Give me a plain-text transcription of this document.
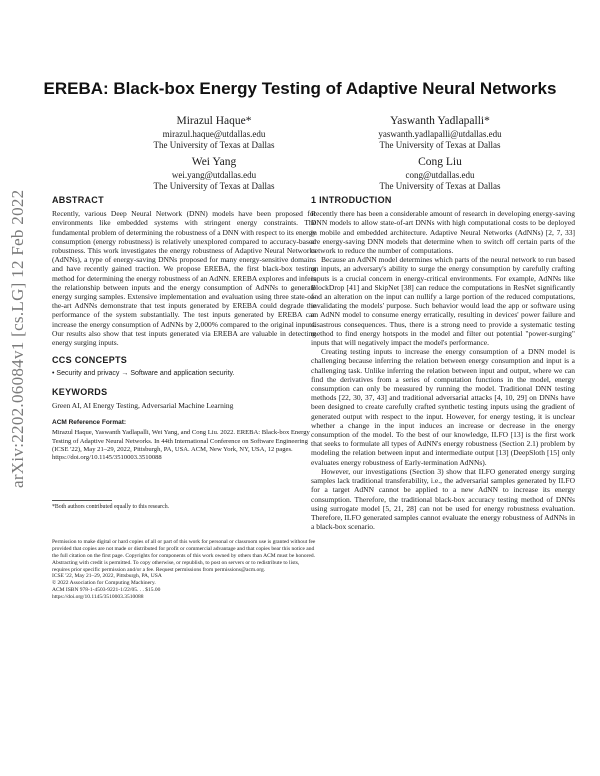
arXiv:2202.06084v1 [cs.LG] 12 Feb 2022
EREBA: Black-box Energy Testing of Adaptive Neural Networks
Mirazul Haque*
mirazul.haque@utdallas.edu
The University of Texas at Dallas
Yaswanth Yadlapalli*
yaswanth.yadlapalli@utdallas.edu
The University of Texas at Dallas
Wei Yang
wei.yang@utdallas.edu
The University of Texas at Dallas
Cong Liu
cong@utdallas.edu
The University of Texas at Dallas
ABSTRACT

Recently, various Deep Neural Network (DNN) models have been proposed for environments like embedded systems with stringent energy constraints. The fundamental problem of determining the robustness of a DNN with respect to its energy consumption (energy robustness) is relatively unexplored compared to accuracy-based robustness. This work investigates the energy robustness of Adaptive Neural Networks (AdNNs), a type of energy-saving DNNs proposed for many energy-sensitive domains and have recently gained traction. We propose EREBA, the first black-box testing method for determining the energy robustness of an AdNN. EREBA explores and infers the relationship between inputs and the energy consumption of AdNNs to generate energy surging samples. Extensive implementation and evaluation using three state-of-the-art AdNNs demonstrate that test inputs generated by EREBA could degrade the performance of the system substantially. The test inputs generated by EREBA can increase the energy consumption of AdNNs by 2,000% compared to the original inputs. Our results also show that test inputs generated via EREBA are valuable in detecting energy surging inputs.

CCS CONCEPTS

• Security and privacy → Software and application security.

KEYWORDS

Green AI, AI Energy Testing, Adversarial Machine Learning

ACM Reference Format:

Mirazul Haque, Yaswanth Yadlapalli, Wei Yang, and Cong Liu. 2022. EREBA: Black-box Energy Testing of Adaptive Neural Networks. In 44th International Conference on Software Engineering (ICSE '22), May 21–29, 2022, Pittsburgh, PA, USA. ACM, New York, NY, USA, 12 pages. https://doi.org/10.1145/3510003.3510088

*Both authors contributed equally to this research.

Permission to make digital or hard copies of all or part of this work for personal or classroom use is granted without fee provided that copies are not made or distributed for profit or commercial advantage and that copies bear this notice and the full citation on the first page. Copyrights for components of this work owned by others than ACM must be honored. Abstracting with credit is permitted. To copy otherwise, or republish, to post on servers or to redistribute to lists, requires prior specific permission and/or a fee. Request permissions from permissions@acm.org.

ICSE '22, May 21–29, 2022, Pittsburgh, PA, USA

© 2022 Association for Computing Machinery.

ACM ISBN 978-1-4503-9221-1/22/05. . . $15.00

https://doi.org/10.1145/3510003.3510088

1 INTRODUCTION

Recently there has been a considerable amount of research in developing energy-saving DNN models to allow state-of-art DNNs with high computational costs to be deployed in mobile and embedded architecture. Adaptive Neural Networks (AdNNs) [2, 7, 33] are energy-saving DNN models that determine when to switch off certain parts of the network to reduce the number of computations.

Because an AdNN model determines which parts of the neural network to run based on inputs, an adversary's ability to surge the energy consumption by carefully crafting inputs is a crucial concern in energy-critical environments. For example, AdNNs like BlockDrop [41] and SkipNet [38] can reduce the computations in ResNet significantly and an alteration on the input can nullify a large portion of the reduced computations, invalidating the models' purpose. Such behavior would lead the app or software using an AdNN model to consume energy erratically, resulting in devices' power failure and disastrous consequences. Thus, there is a strong need to provide a systematic testing method to find energy hotspots in the model and filter out potential "power-surging" inputs that will negatively impact the model's performance.

Creating testing inputs to increase the energy consumption of a DNN model is challenging because inferring the relation between energy consumption and input is a challenging task. Unlike inferring the relation between input and output, where we can find the derivatives from a series of computation functions in the model, energy consumption can only be measured by running the model. Traditional DNN testing methods [22, 30, 37, 43] and traditional adversarial attacks [4, 10, 29] on DNNs have been designed to create carefully crafted synthetic testing inputs using the gradient of generated output with respect to the input. However, for energy testing, it is unclear whether a change in the input induces an increase or decrease in the energy consumption of the model. To the best of our knowledge, ILFO [13] is the first work that seeks to formulate all types of AdNN's energy robustness (Section 2.1) problem by modeling the relation between input and intermediate output [13] (DeepSloth [15] only evaluates energy robustness of Early-termination AdNNs).

However, our investigations (Section 3) show that ILFO generated energy surging samples lack traditional transferability, i.e., the adversarial samples generated by ILFO for a target AdNN cannot be applied to a new AdNN to increase its energy consumption. Therefore, the traditional black-box accuracy testing method of DNNs using surrogate model [5, 21, 28] can not be used for energy robustness evaluation. Therefore, ILFO generated samples cannot evaluate the energy robustness of AdNNs in a black-box scenario.
